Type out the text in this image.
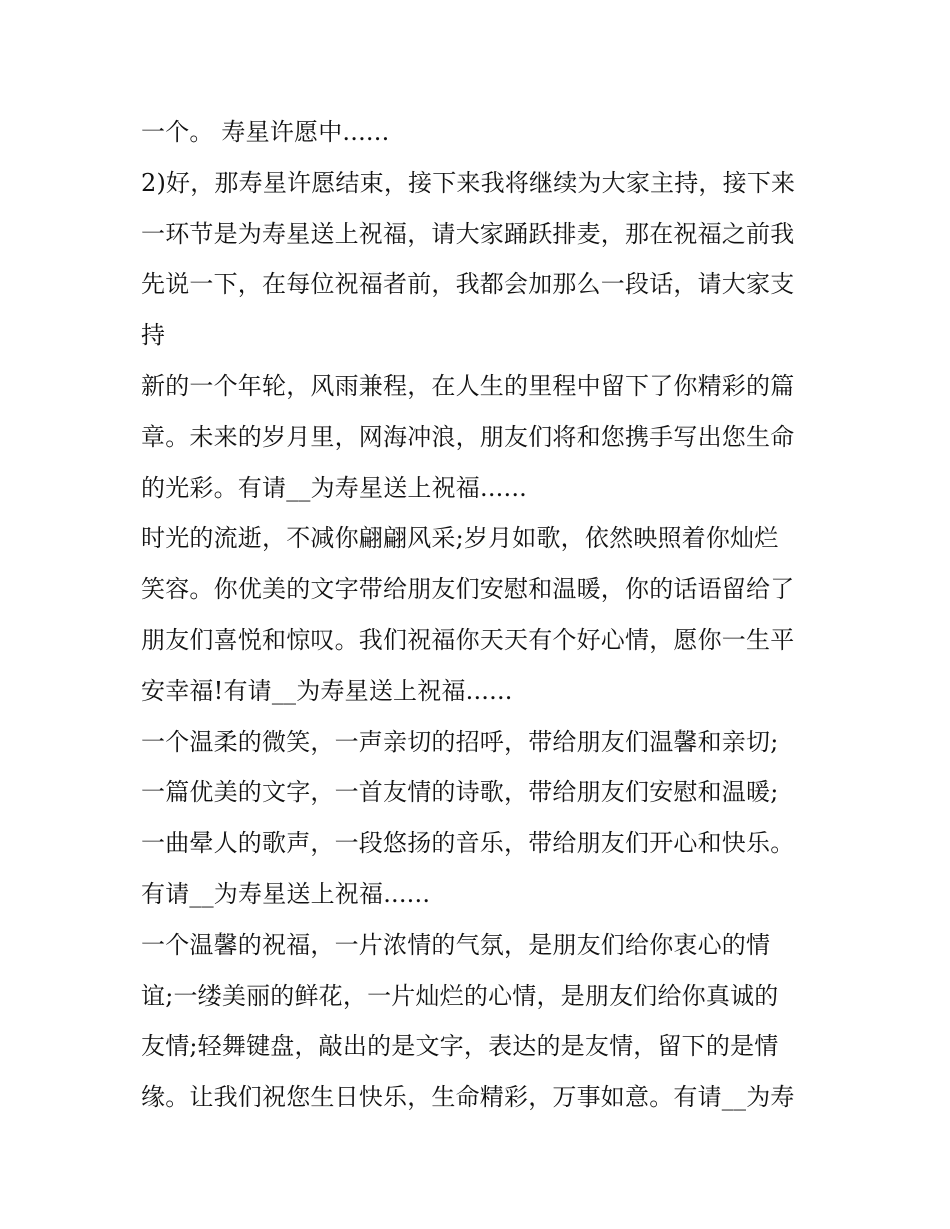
一个。 寿星许愿中......

2)好，那寿星许愿结束，接下来我将继续为大家主持，接下来

一环节是为寿星送上祝福，请大家踊跃排麦，那在祝福之前我

先说一下，在每位祝福者前，我都会加那么一段话，请大家支

持

新的一个年轮，风雨兼程，在人生的里程中留下了你精彩的篇

章。未来的岁月里，网海冲浪，朋友们将和您携手写出您生命

的光彩。有请__为寿星送上祝福......

时光的流逝，不减你翩翩风采;岁月如歌，依然映照着你灿烂

笑容。你优美的文字带给朋友们安慰和温暖，你的话语留给了

朋友们喜悦和惊叹。我们祝福你天天有个好心情，愿你一生平

安幸福!有请__为寿星送上祝福......

一个温柔的微笑，一声亲切的招呼，带给朋友们温馨和亲切;

一篇优美的文字，一首友情的诗歌，带给朋友们安慰和温暖;

一曲晕人的歌声，一段悠扬的音乐，带给朋友们开心和快乐。

有请__为寿星送上祝福......

一个温馨的祝福，一片浓情的气氛，是朋友们给你衷心的情

谊;一缕美丽的鲜花，一片灿烂的心情，是朋友们给你真诚的

友情;轻舞键盘，敲出的是文字，表达的是友情，留下的是情

缘。让我们祝您生日快乐，生命精彩，万事如意。有请__为寿
